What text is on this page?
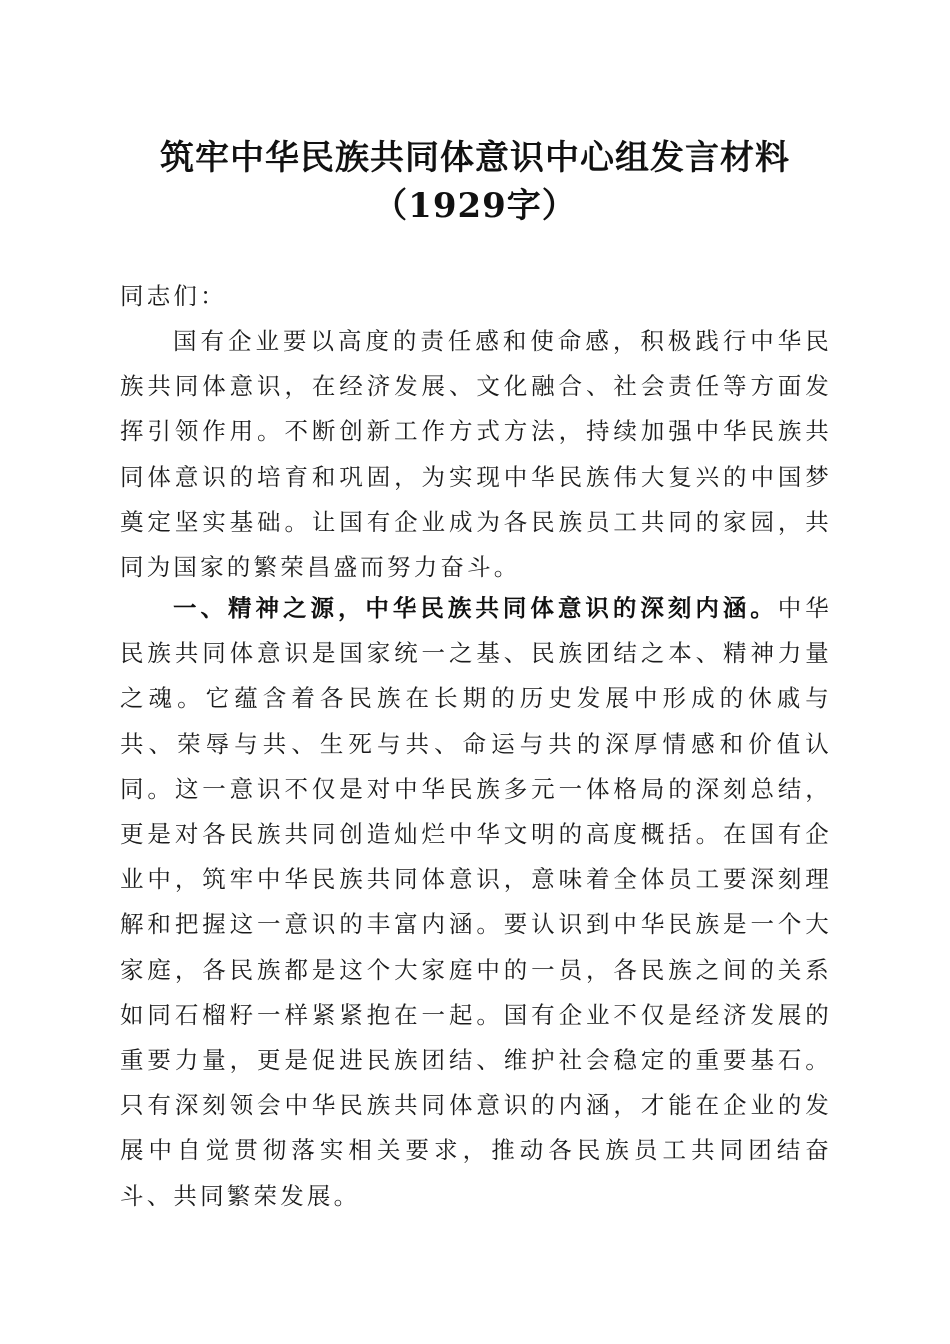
筑牢中华民族共同体意识中心组发言材料
（1929字）
同志们：
国有企业要以高度的责任感和使命感，积极践行中华民族共同体意识，在经济发展、文化融合、社会责任等方面发挥引领作用。不断创新工作方式方法，持续加强中华民族共同体意识的培育和巩固，为实现中华民族伟大复兴的中国梦奠定坚实基础。让国有企业成为各民族员工共同的家园，共同为国家的繁荣昌盛而努力奋斗。
一、精神之源，中华民族共同体意识的深刻内涵。中华民族共同体意识是国家统一之基、民族团结之本、精神力量之魂。它蕴含着各民族在长期的历史发展中形成的休戚与共、荣辱与共、生死与共、命运与共的深厚情感和价值认同。这一意识不仅是对中华民族多元一体格局的深刻总结，更是对各民族共同创造灿烂中华文明的高度概括。在国有企业中，筑牢中华民族共同体意识，意味着全体员工要深刻理解和把握这一意识的丰富内涵。要认识到中华民族是一个大家庭，各民族都是这个大家庭中的一员，各民族之间的关系如同石榴籽一样紧紧抱在一起。国有企业不仅是经济发展的重要力量，更是促进民族团结、维护社会稳定的重要基石。只有深刻领会中华民族共同体意识的内涵，才能在企业的发展中自觉贯彻落实相关要求，推动各民族员工共同团结奋斗、共同繁荣发展。
